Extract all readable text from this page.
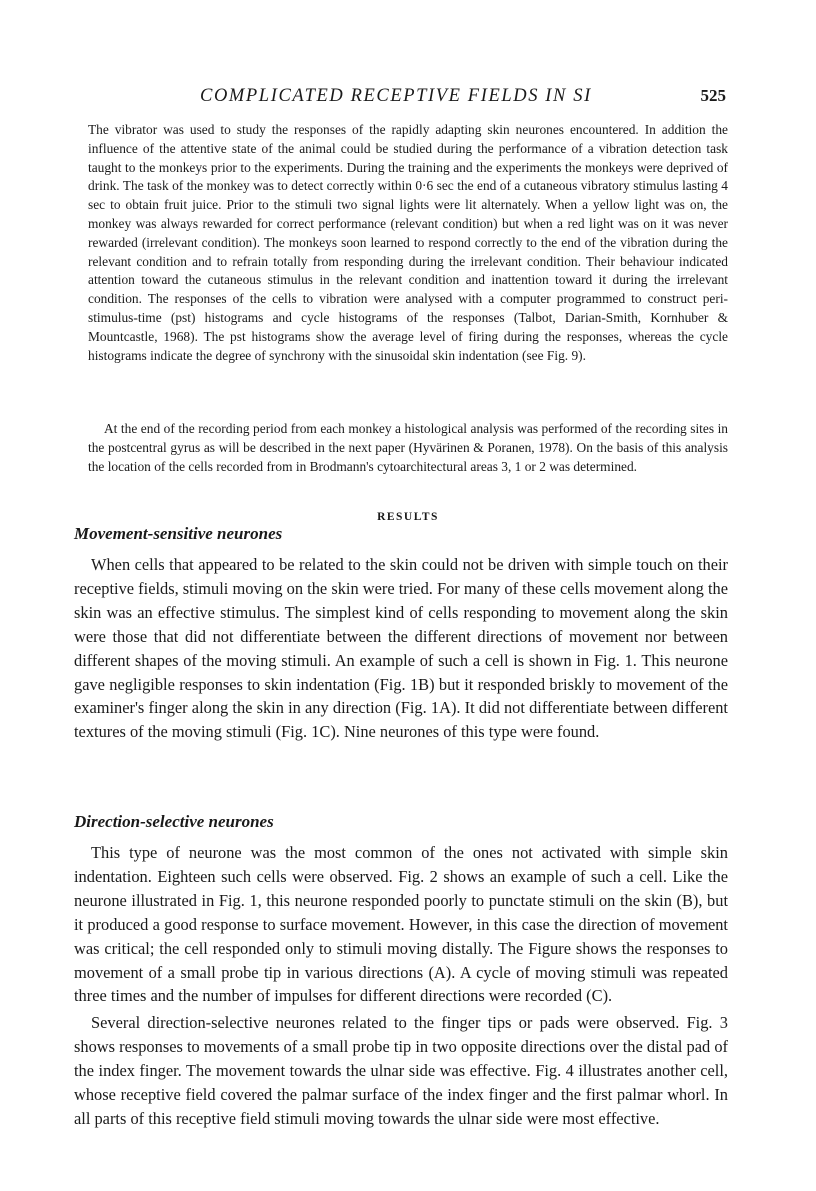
COMPLICATED RECEPTIVE FIELDS IN SI	525

The vibrator was used to study the responses of the rapidly adapting skin neurones encountered. In addition the influence of the attentive state of the animal could be studied during the performance of a vibration detection task taught to the monkeys prior to the experiments. During the training and the experiments the monkeys were deprived of drink. The task of the monkey was to detect correctly within 0·6 sec the end of a cutaneous vibratory stimulus lasting 4 sec to obtain fruit juice. Prior to the stimuli two signal lights were lit alternately. When a yellow light was on, the monkey was always rewarded for correct performance (relevant condition) but when a red light was on it was never rewarded (irrelevant condition). The monkeys soon learned to respond correctly to the end of the vibration during the relevant condition and to refrain totally from responding during the irrelevant condition. Their behaviour indicated attention toward the cutaneous stimulus in the relevant condition and inattention toward it during the irrelevant condition. The responses of the cells to vibration were analysed with a computer programmed to construct peri-stimulus-time (pst) histograms and cycle histograms of the responses (Talbot, Darian-Smith, Kornhuber & Mountcastle, 1968). The pst histograms show the average level of firing during the responses, whereas the cycle histograms indicate the degree of synchrony with the sinusoidal skin indentation (see Fig. 9).

At the end of the recording period from each monkey a histological analysis was performed of the recording sites in the postcentral gyrus as will be described in the next paper (Hyvärinen & Poranen, 1978). On the basis of this analysis the location of the cells recorded from in Brodmann's cytoarchitectural areas 3, 1 or 2 was determined.

RESULTS
Movement-sensitive neurones

When cells that appeared to be related to the skin could not be driven with simple touch on their receptive fields, stimuli moving on the skin were tried. For many of these cells movement along the skin was an effective stimulus. The simplest kind of cells responding to movement along the skin were those that did not differentiate between the different directions of movement nor between different shapes of the moving stimuli. An example of such a cell is shown in Fig. 1. This neurone gave negligible responses to skin indentation (Fig. 1B) but it responded briskly to movement of the examiner's finger along the skin in any direction (Fig. 1A). It did not differentiate between different textures of the moving stimuli (Fig. 1C). Nine neurones of this type were found.

Direction-selective neurones

This type of neurone was the most common of the ones not activated with simple skin indentation. Eighteen such cells were observed. Fig. 2 shows an example of such a cell. Like the neurone illustrated in Fig. 1, this neurone responded poorly to punctate stimuli on the skin (B), but it produced a good response to surface movement. However, in this case the direction of movement was critical; the cell responded only to stimuli moving distally. The Figure shows the responses to movement of a small probe tip in various directions (A). A cycle of moving stimuli was repeated three times and the number of impulses for different directions were recorded (C).

Several direction-selective neurones related to the finger tips or pads were observed. Fig. 3 shows responses to movements of a small probe tip in two opposite directions over the distal pad of the index finger. The movement towards the ulnar side was effective. Fig. 4 illustrates another cell, whose receptive field covered the palmar surface of the index finger and the first palmar whorl. In all parts of this receptive field stimuli moving towards the ulnar side were most effective.
